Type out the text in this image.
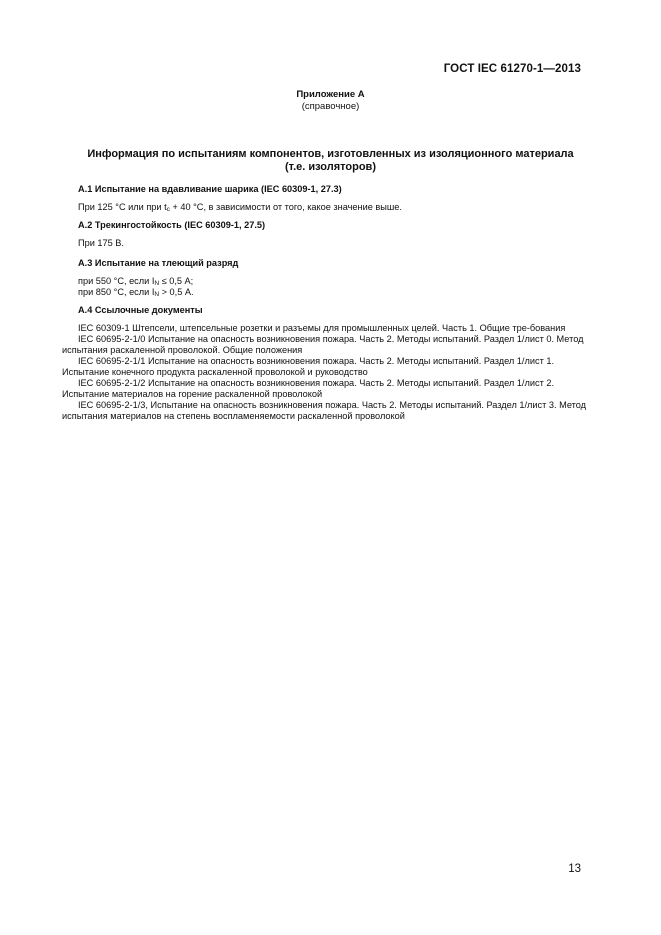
ГОСТ IEC 61270-1—2013
Приложение А
(справочное)
Информация по испытаниям компонентов, изготовленных из изоляционного материала
(т.е. изоляторов)
А.1 Испытание на вдавливание шарика (IEC 60309-1, 27.3)
При 125 °С или при $t_c + 40$ °С, в зависимости от того, какое значение выше.
А.2 Трекингостойкость (IEC 60309-1, 27.5)
При 175 В.
А.3 Испытание на тлеющий разряд
при 550 °С, если $I_N \le 0,5$ А;
при 850 °С, если $I_N > 0,5$ А.
А.4 Ссылочные документы

IEC 60309-1 Штепсели, штепсельные розетки и разъемы для промышленных целей. Часть 1. Общие тре-бования

IEC 60695-2-1/0 Испытание на опасность возникновения пожара. Часть 2. Методы испытаний. Раздел 1/лист 0. Метод испытания раскаленной проволокой. Общие положения

IEC 60695-2-1/1 Испытание на опасность возникновения пожара. Часть 2. Методы испытаний. Раздел 1/лист 1. Испытание конечного продукта раскаленной проволокой и руководство

IEC 60695-2-1/2 Испытание на опасность возникновения пожара. Часть 2. Методы испытаний. Раздел 1/лист 2. Испытание материалов на горение раскаленной проволокой

IEC 60695-2-1/3, Испытание на опасность возникновения пожара. Часть 2. Методы испытаний. Раздел 1/лист 3. Метод испытания материалов на степень воспламеняемости раскаленной проволокой

13
